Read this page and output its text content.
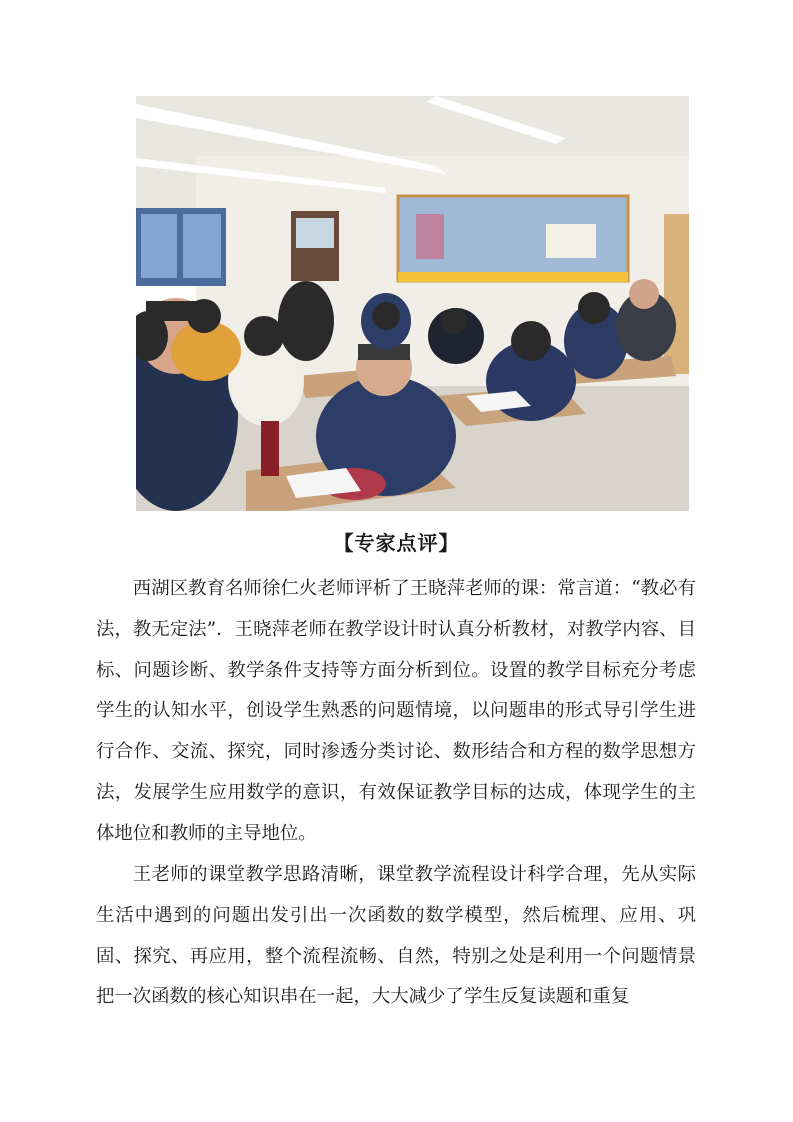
【专家点评】

西湖区教育名师徐仁火老师评析了王晓萍老师的课：常言道：“教必有法，教无定法”．王晓萍老师在教学设计时认真分析教材，对教学内容、目标、问题诊断、教学条件支持等方面分析到位。设置的教学目标充分考虑学生的认知水平，创设学生熟悉的问题情境，以问题串的形式导引学生进行合作、交流、探究，同时渗透分类讨论、数形结合和方程的数学思想方法，发展学生应用数学的意识，有效保证教学目标的达成，体现学生的主体地位和教师的主导地位。

王老师的课堂教学思路清晰，课堂教学流程设计科学合理，先从实际生活中遇到的问题出发引出一次函数的数学模型，然后梳理、应用、巩固、探究、再应用，整个流程流畅、自然，特别之处是利用一个问题情景把一次函数的核心知识串在一起，大大减少了学生反复读题和重复
